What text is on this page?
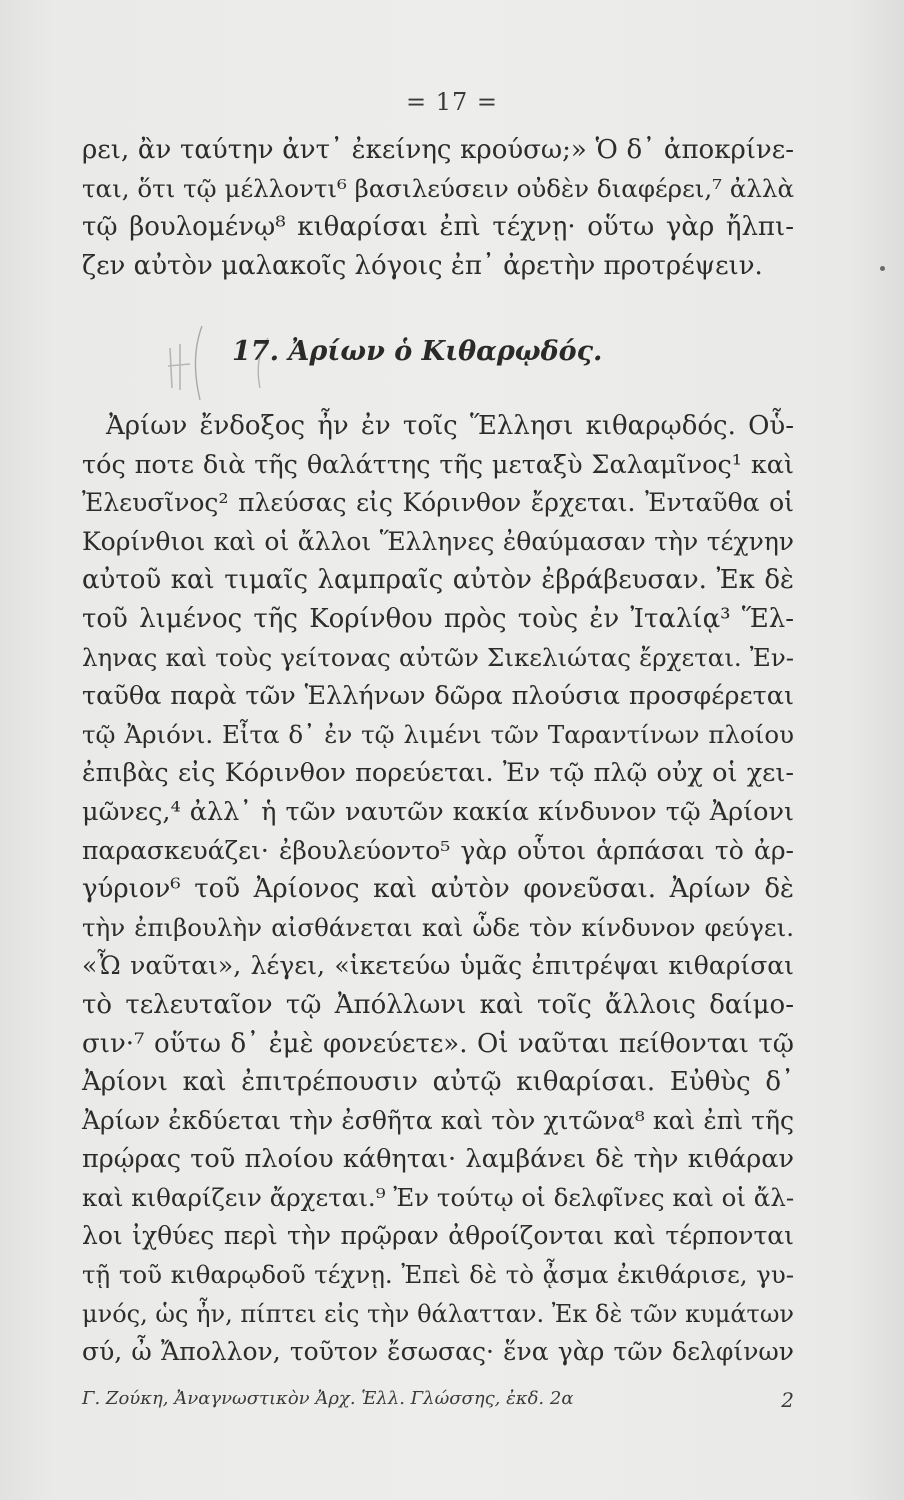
= 17 =
ρει, ἂν ταύτην ἀντ᾽ ἐκείνης κρούσω;» Ὁ δ᾽ ἀποκρίνε-
ται, ὅτι τῷ μέλλοντι⁶ βασιλεύσειν οὐδὲν διαφέρει,⁷ ἀλλὰ
τῷ βουλομένῳ⁸ κιθαρίσαι ἐπὶ τέχνῃ· οὕτω γὰρ ἤλπι-
ζεν αὐτὸν μαλακοῖς λόγοις ἐπ᾽ ἀρετὴν προτρέψειν.
17. Ἀρίων ὁ Κιθαρῳδός.
Ἀρίων ἔνδοξος ἦν ἐν τοῖς Ἕλλησι κιθαρῳδός. Οὗ-
τός ποτε διὰ τῆς θαλάττης τῆς μεταξὺ Σαλαμῖνος¹ καὶ
Ἐλευσῖνος² πλεύσας εἰς Κόρινθον ἔρχεται. Ἐνταῦθα οἱ
Κορίνθιοι καὶ οἱ ἄλλοι Ἕλληνες ἐθαύμασαν τὴν τέχνην
αὐτοῦ καὶ τιμαῖς λαμπραῖς αὐτὸν ἐβράβευσαν. Ἐκ δὲ
τοῦ λιμένος τῆς Κορίνθου πρὸς τοὺς ἐν Ἰταλίᾳ³ Ἕλ-
ληνας καὶ τοὺς γείτονας αὐτῶν Σικελιώτας ἔρχεται. Ἐν-
ταῦθα παρὰ τῶν Ἑλλήνων δῶρα πλούσια προσφέρεται
τῷ Ἀριόνι. Εἶτα δ᾽ ἐν τῷ λιμένι τῶν Ταραντίνων πλοίου
ἐπιβὰς εἰς Κόρινθον πορεύεται. Ἐν τῷ πλῷ οὐχ οἱ χει-
μῶνες,⁴ ἀλλ᾽ ἡ τῶν ναυτῶν κακία κίνδυνον τῷ Ἀρίονι
παρασκευάζει· ἐβουλεύοντο⁵ γὰρ οὗτοι ἁρπάσαι τὸ ἀρ-
γύριον⁶ τοῦ Ἀρίονος καὶ αὐτὸν φονεῦσαι. Ἀρίων δὲ
τὴν ἐπιβουλὴν αἰσθάνεται καὶ ὧδε τὸν κίνδυνον φεύγει.
«Ὦ ναῦται», λέγει, «ἱκετεύω ὑμᾶς ἐπιτρέψαι κιθαρίσαι
τὸ τελευταῖον τῷ Ἀπόλλωνι καὶ τοῖς ἄλλοις δαίμο-
σιν·⁷ οὕτω δ᾽ ἐμὲ φονεύετε». Οἱ ναῦται πείθονται τῷ
Ἀρίονι καὶ ἐπιτρέπουσιν αὐτῷ κιθαρίσαι. Εὐθὺς δ᾽
Ἀρίων ἐκδύεται τὴν ἐσθῆτα καὶ τὸν χιτῶνα⁸ καὶ ἐπὶ τῆς
πρῴρας τοῦ πλοίου κάθηται· λαμβάνει δὲ τὴν κιθάραν
καὶ κιθαρίζειν ἄρχεται.⁹ Ἐν τούτῳ οἱ δελφῖνες καὶ οἱ ἄλ-
λοι ἰχθύες περὶ τὴν πρῷραν ἀθροίζονται καὶ τέρπονται
τῇ τοῦ κιθαρῳδοῦ τέχνῃ. Ἐπεὶ δὲ τὸ ᾆσμα ἐκιθάρισε, γυ-
μνός, ὡς ἦν, πίπτει εἰς τὴν θάλατταν. Ἐκ δὲ τῶν κυμάτων
σύ, ὦ Ἄπολλον, τοῦτον ἔσωσας· ἕνα γὰρ τῶν δελφίνων
Γ. Ζούκη, Ἀναγνωστικὸν Ἀρχ. Ἑλλ. Γλώσσης, ἐκδ. 2α	2
